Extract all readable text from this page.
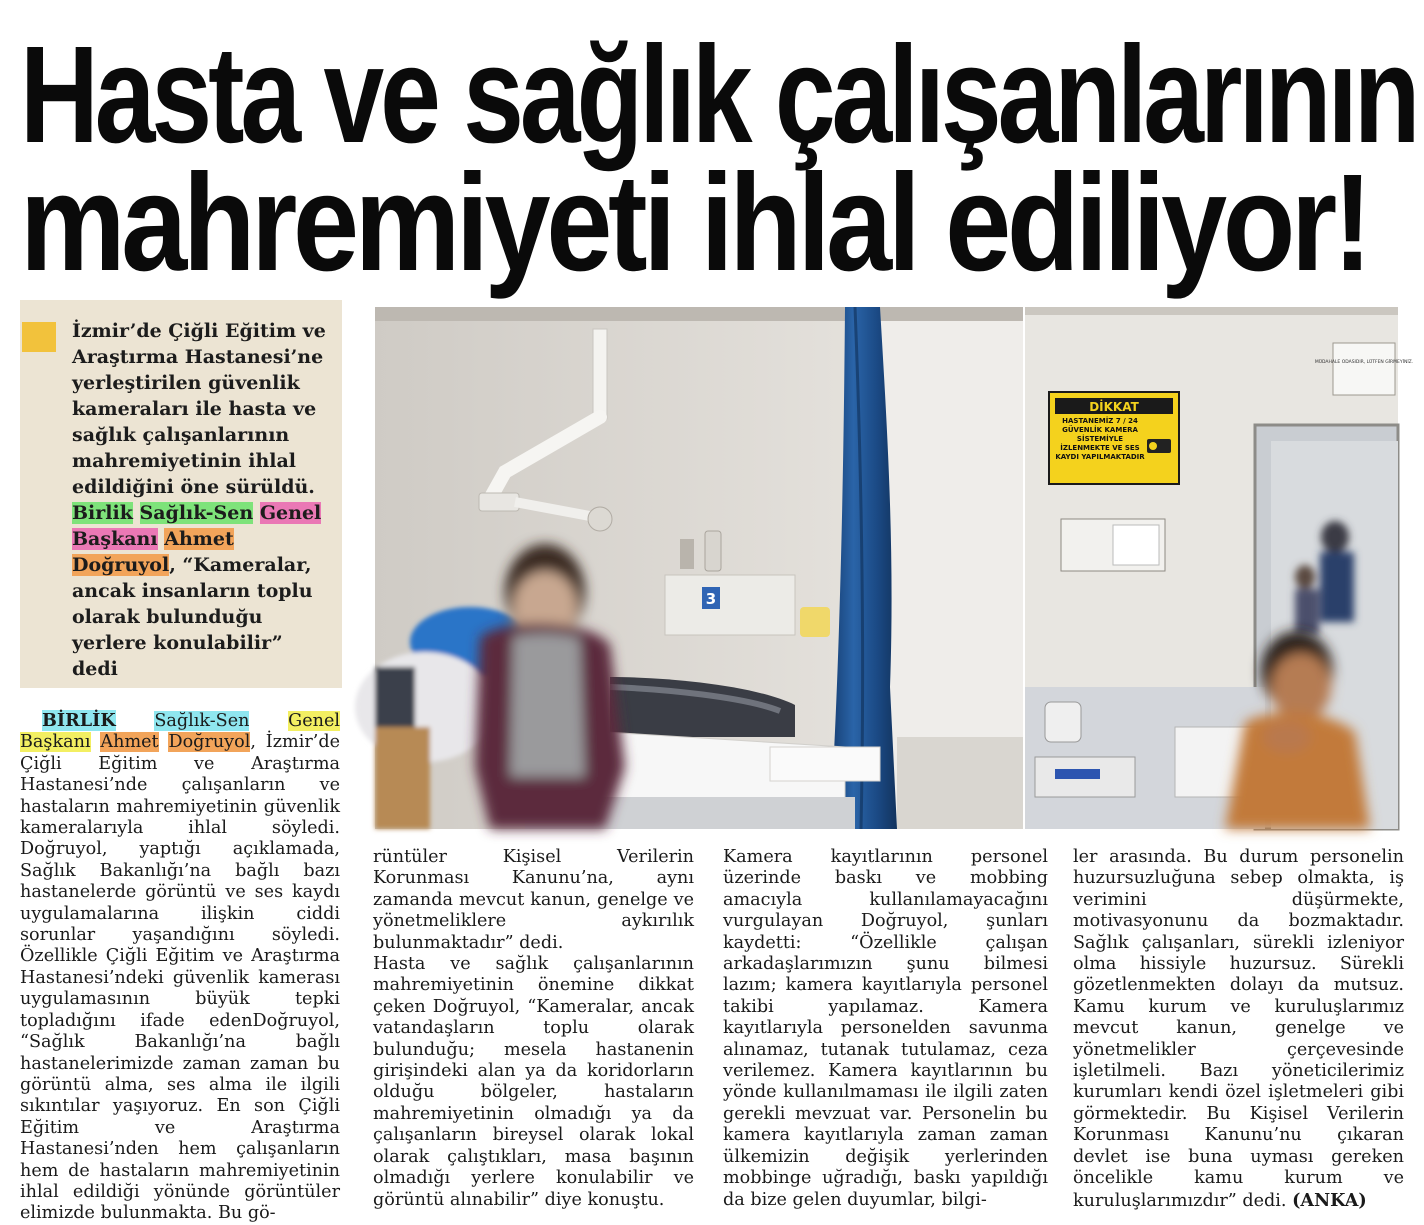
Hasta ve sağlık çalışanlarının
mahremiyeti ihlal ediliyor!
İzmir’de Çiğli Eğitim ve Araştırma Hastanesi’ne yerleştirilen güvenlik kameraları ile hasta ve sağlık çalışanlarının mahremiyetinin ihlal edildiğini öne sürüldü. Birlik Sağlık-Sen Genel Başkanı Ahmet Doğruyol, “Kameralar, ancak insanların toplu olarak bulunduğu yerlere konulabilir” dedi
3
MÜDAHALE ODASIDIR, LÜTFEN GİRMEYİNİZ.
DİKKAT
HASTANEMİZ 7 / 24 GÜVENLİK KAMERA SİSTEMİYLE İZLENMEKTE VE SES KAYDI YAPILMAKTADIR

BİRLİK Sağlık-Sen Genel Başkanı Ahmet Doğruyol, İzmir’de Çiğli Eğitim ve Araştırma Hastanesi’nde çalışanların ve hastaların mahremiyetinin güvenlik kameralarıyla ihlal söyledi. Doğruyol, yaptığı açıklamada, Sağlık Bakanlığı’na bağlı bazı hastanelerde görüntü ve ses kaydı uygulamalarına ilişkin ciddi sorunlar yaşandığını söyledi. Özellikle Çiğli Eğitim ve Araştırma Hastanesi’ndeki güvenlik kamerası uygulamasının büyük tepki topladığını ifade edenDoğruyol, “Sağlık Bakanlığı’na bağlı hastanelerimizde zaman zaman bu görüntü alma, ses alma ile ilgili sıkıntılar yaşıyoruz. En son Çiğli Eğitim ve Araştırma Hastanesi’nden hem çalışanların hem de hastaların mahremiyetinin ihlal edildiği yönünde görüntüler elimizde bulunmakta. Bu gö-

rüntüler Kişisel Verilerin Korunması Kanunu’na, aynı zamanda mevcut kanun, genelge ve yönetmeliklere aykırılık bulunmaktadır” dedi.

Hasta ve sağlık çalışanlarının mahremiyetinin önemine dikkat çeken Doğruyol, “Kameralar, ancak vatandaşların toplu olarak bulunduğu; mesela hastanenin girişindeki alan ya da koridorların olduğu bölgeler, hastaların mahremiyetinin olmadığı ya da çalışanların bireysel olarak lokal olarak çalıştıkları, masa başının olmadığı yerlere konulabilir ve görüntü alınabilir” diye konuştu.

Kamera kayıtlarının personel üzerinde baskı ve mobbing amacıyla kullanılamayacağını vurgulayan Doğruyol, şunları kaydetti: “Özellikle çalışan arkadaşlarımızın şunu bilmesi lazım; kamera kayıtlarıyla personel takibi yapılamaz. Kamera kayıtlarıyla personelden savunma alınamaz, tutanak tutulamaz, ceza verilemez. Kamera kayıtlarının bu yönde kullanılmaması ile ilgili zaten gerekli mevzuat var. Personelin bu kamera kayıtlarıyla zaman zaman ülkemizin değişik yerlerinden mobbinge uğradığı, baskı yapıldığı da bize gelen duyumlar, bilgi-

ler arasında. Bu durum personelin huzursuzluğuna sebep olmakta, iş verimini düşürmekte, motivasyonunu da bozmaktadır. Sağlık çalışanları, sürekli izleniyor olma hissiyle huzursuz. Sürekli gözetlenmekten dolayı da mutsuz. Kamu kurum ve kuruluşlarımız mevcut kanun, genelge ve yönetmelikler çerçevesinde işletilmeli. Bazı yöneticilerimiz kurumları kendi özel işletmeleri gibi görmektedir. Bu Kişisel Verilerin Korunması Kanunu’nu çıkaran devlet ise buna uyması gereken öncelikle kamu kurum ve kuruluşlarımızdır” dedi. (ANKA)
